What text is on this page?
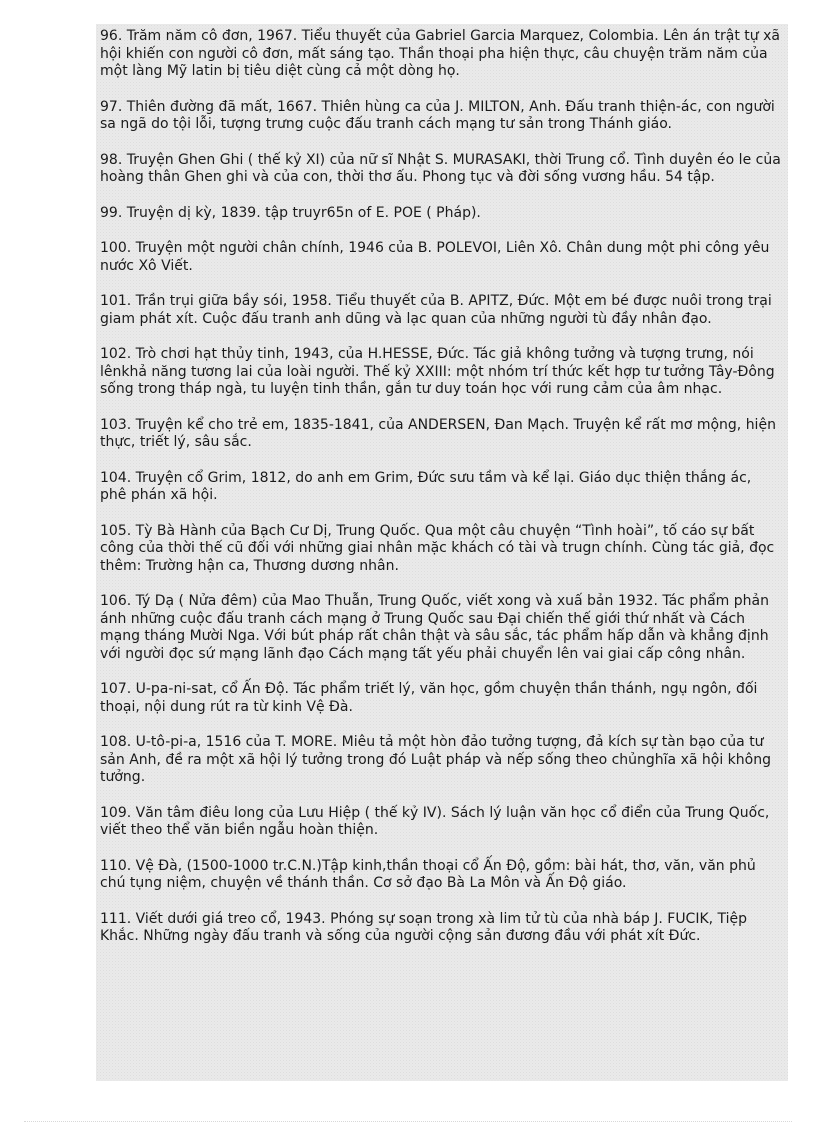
96. Trăm năm cô đơn, 1967. Tiểu thuyết của Gabriel Garcia Marquez, Colombia. Lên án trật tự xã hội khiến con người cô đơn, mất sáng tạo. Thần thoại pha hiện thực, câu chuyện trăm năm của một làng Mỹ latin bị tiêu diệt cùng cả một dòng họ.

97. Thiên đường đã mất, 1667. Thiên hùng ca của J. MILTON, Anh. Đấu tranh thiện-ác, con người sa ngã do tội lỗi, tượng trưng cuộc đấu tranh cách mạng tư sản trong Thánh giáo.

98. Truyện Ghen Ghi ( thế kỷ XI) của nữ sĩ Nhật S. MURASAKI, thời Trung cổ. Tình duyên éo le của hoàng thân Ghen ghi và của con, thời thơ ấu. Phong tục và đời sống vương hầu. 54 tập.

99. Truyện dị kỳ, 1839. tập truyr65n of E. POE ( Pháp).

100. Truyện một người chân chính, 1946 của B. POLEVOI, Liên Xô. Chân dung một phi công yêu nước Xô Viết.

101. Trần trụi giữa bầy sói, 1958. Tiểu thuyết của B. APITZ, Đức. Một em bé được nuôi trong trại giam phát xít. Cuộc đấu tranh anh dũng và lạc quan của những người tù đầy nhân đạo.

102. Trò chơi hạt thủy tinh, 1943, của H.HESSE, Đức. Tác giả không tưởng và tượng trưng, nói lênkhả năng tương lai của loài người. Thế kỷ XXIII: một nhóm trí thức kết hợp tư tưởng Tây-Đông sống trong tháp ngà, tu luyện tinh thần, gắn tư duy toán học với rung cảm của âm nhạc.

103. Truyện kể cho trẻ em, 1835-1841, của ANDERSEN, Đan Mạch. Truyện kể rất mơ mộng, hiện thực, triết lý, sâu sắc.

104. Truyện cổ Grim, 1812, do anh em Grim, Đức sưu tầm và kể lại. Giáo dục thiện thắng ác, phê phán xã hội.

105. Tỳ Bà Hành của Bạch Cư Dị, Trung Quốc. Qua một câu chuyện “Tình hoài”, tố cáo sự bất công của thời thế cũ đối với những giai nhân mặc khách có tài và trugn chính. Cùng tác giả, đọc thêm: Trường hận ca, Thương dương nhân.

106. Tý Dạ ( Nửa đêm) của Mao Thuẫn, Trung Quốc, viết xong và xuấ bản 1932. Tác phẩm phản ánh những cuộc đấu tranh cách mạng ở Trung Quốc sau Đại chiến thế giới thứ nhất và Cách mạng tháng Mười Nga. Với bút pháp rất chân thật và sâu sắc, tác phẩm hấp dẫn và khẳng định với người đọc sứ mạng lãnh đạo Cách mạng tất yếu phải chuyển lên vai giai cấp công nhân.

107. U-pa-ni-sat, cổ Ấn Độ. Tác phẩm triết lý, văn học, gồm chuyện thần thánh, ngụ ngôn, đối thoại, nội dung rút ra từ kinh Vệ Đà.

108. U-tô-pi-a, 1516 của T. MORE. Miêu tả một hòn đảo tưởng tượng, đả kích sự tàn bạo của tư sản Anh, đề ra một xã hội lý tưởng trong đó Luật pháp và nếp sống theo chủnghĩa xã hội không tưởng.

109. Văn tâm điêu long của Lưu Hiệp ( thế kỷ IV). Sách lý luận văn học cổ điển của Trung Quốc, viết theo thể văn biền ngẫu hoàn thiện.

110. Vệ Đà, (1500-1000 tr.C.N.)Tập kinh,thần thoại cổ Ấn Độ, gồm: bài hát, thơ, văn, văn phủ chú tụng niệm, chuyện về thánh thần. Cơ sở đạo Bà La Môn và Ấn Độ giáo.

111. Viết dưới giá treo cổ, 1943. Phóng sự soạn trong xà lim tử tù của nhà báp J. FUCIK, Tiệp Khắc. Những ngày đấu tranh và sống của người cộng sản đương đầu với phát xít Đức.
